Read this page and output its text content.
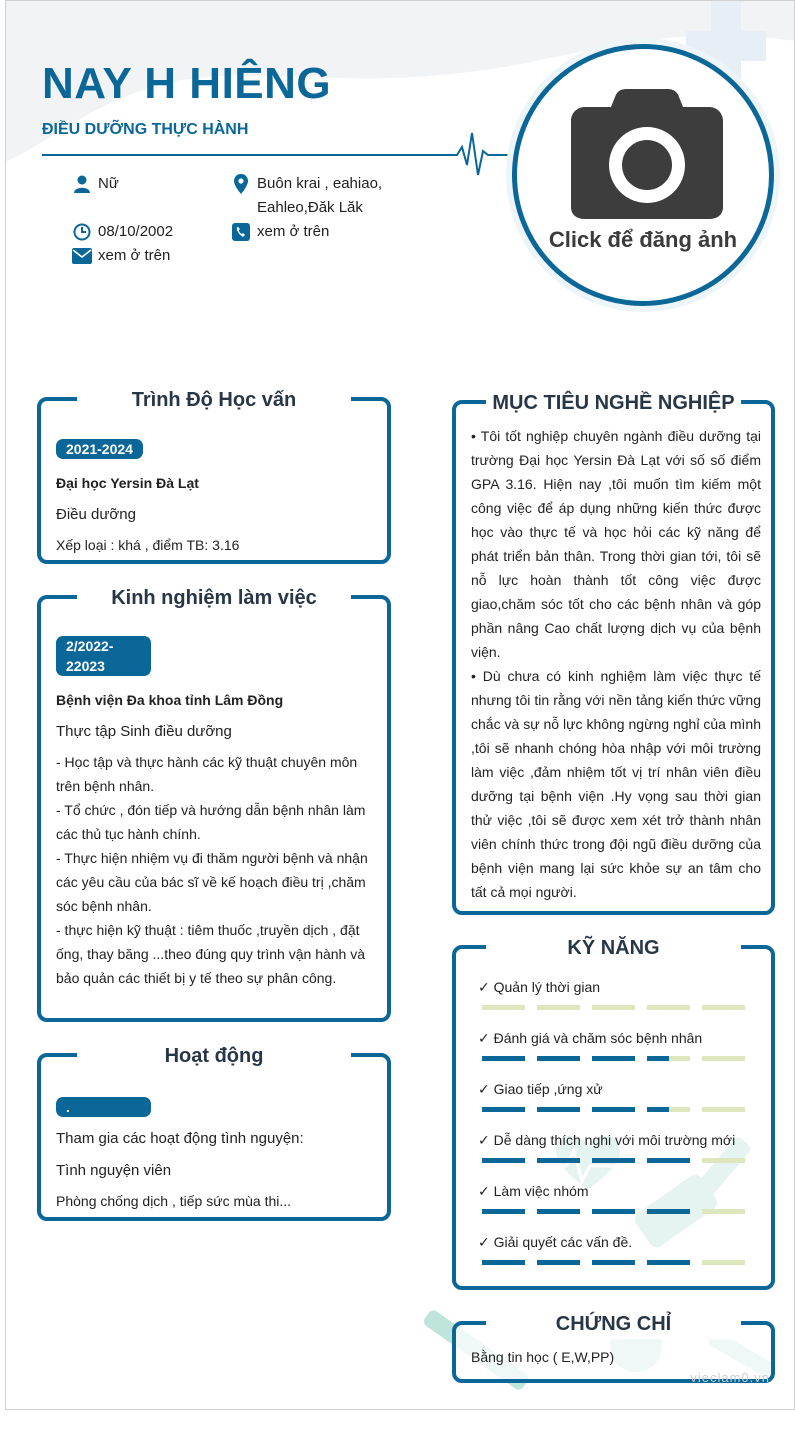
NAY H HIÊNG
ĐIỀU DƯỠNG THỰC HÀNH
Nữ	Buôn krai , eahiao,
Eahleo,Đăk Lăk
08/10/2002	xem ở trên
xem ở trên
Click để đăng ảnh
Trình Độ Học vấn
2021-2024
Đại học Yersin Đà Lạt
Điều dưỡng
Xếp loại : khá , điểm TB: 3.16
Kinh nghiệm làm việc
2/2022-
22023
Bệnh viện Đa khoa tỉnh Lâm Đồng
Thực tập Sinh điều dưỡng
- Học tập và thực hành các kỹ thuật chuyên môn trên bệnh nhân.
- Tổ chức , đón tiếp và hướng dẫn bệnh nhân làm các thủ tục hành chính.
- Thực hiện nhiệm vụ đi thăm người bệnh và nhận các yêu cầu của bác sĩ về kế hoạch điều trị ,chăm sóc bệnh nhân.
- thực hiện kỹ thuật : tiêm thuốc ,truyền dịch , đặt ống, thay băng ...theo đúng quy trình vận hành và bảo quản các thiết bị y tế theo sự phân công.
Hoạt động
.
Tham gia các hoạt động tình nguyện:
Tình nguyện viên
Phòng chống dịch , tiếp sức mùa thi...
MỤC TIÊU NGHỀ NGHIỆP
• Tôi tốt nghiệp chuyên ngành điều dưỡng tại trường Đại học Yersin Đà Lạt với số số điểm GPA 3.16. Hiện nay ,tôi muốn tìm kiếm một công việc để áp dụng những kiến thức được học vào thực tế và học hỏi các kỹ năng để phát triển bản thân. Trong thời gian tới, tôi sẽ nỗ lực hoàn thành tốt công việc được giao,chăm sóc tốt cho các bệnh nhân và góp phần nâng Cao chất lượng dịch vụ của bệnh viện.
• Dù chưa có kinh nghiệm làm việc thực tế nhưng tôi tin rằng với nền tảng kiến thức vững chắc và sự nỗ lực không ngừng nghỉ của mình ,tôi sẽ nhanh chóng hòa nhập với môi trường làm việc ,đảm nhiệm tốt vị trí nhân viên điều dưỡng tại bệnh viện .Hy vọng sau thời gian thử việc ,tôi sẽ được xem xét trở thành nhân viên chính thức trong đội ngũ điều dưỡng của bệnh viện mang lại sức khỏe sự an tâm cho tất cả mọi người.
KỸ NĂNG
✓ Quản lý thời gian
✓ Đánh giá và chăm sóc bệnh nhân
✓ Giao tiếp ,ứng xử
✓ Dễ dàng thích nghi với môi trường mới
✓ Làm việc nhóm
✓ Giải quyết các vấn đề.
CHỨNG CHỈ
Bằng tin học ( E,W,PP)
vieclam0.vn
